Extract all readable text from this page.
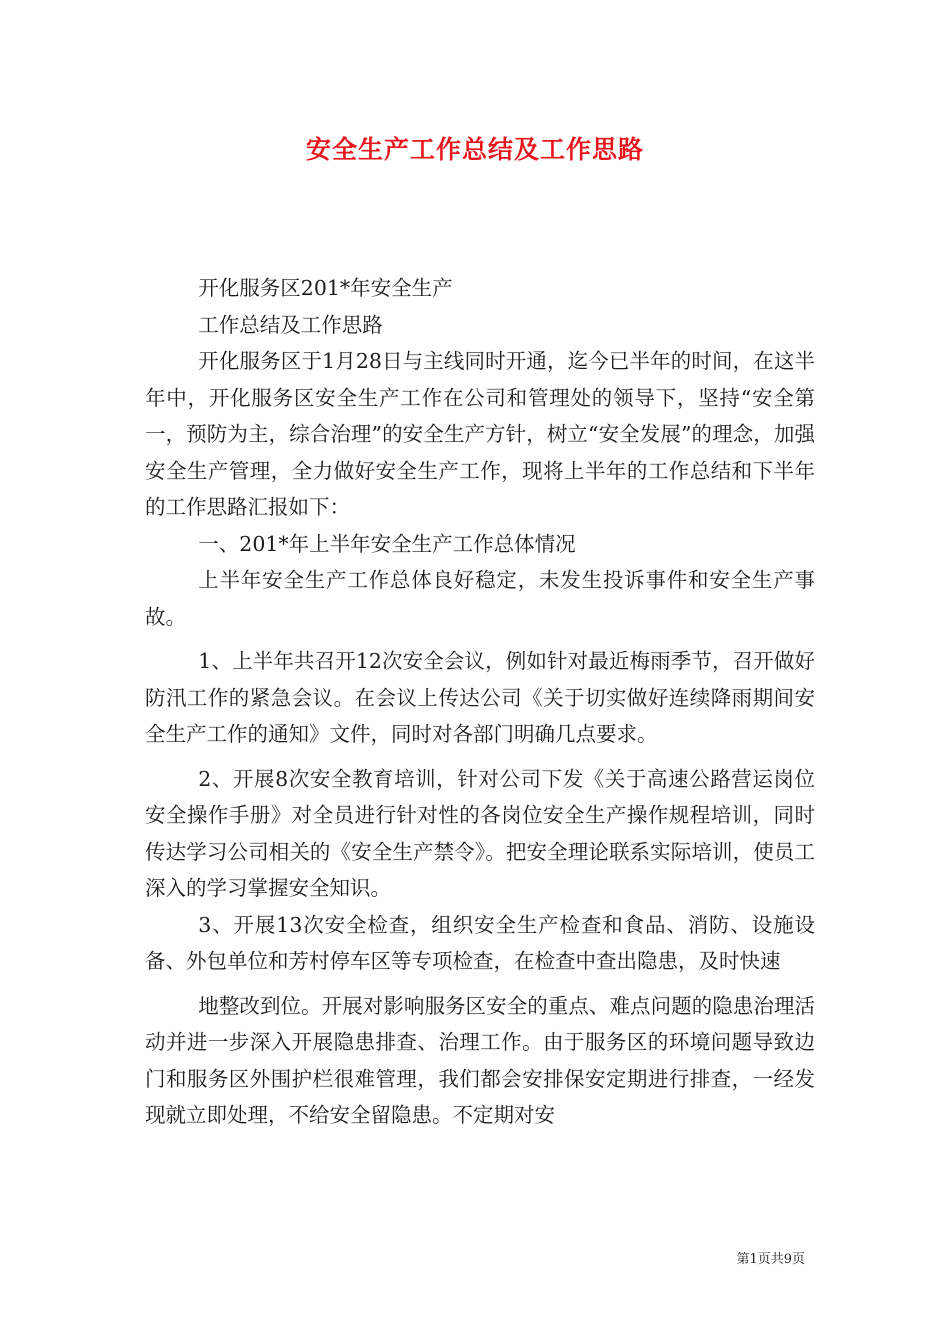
安全生产工作总结及工作思路

开化服务区201*年安全生产

工作总结及工作思路

开化服务区于1月28日与主线同时开通，迄今已半年的时间，在这半年中，开化服务区安全生产工作在公司和管理处的领导下，坚持“安全第一，预防为主，综合治理”的安全生产方针，树立“安全发展”的理念，加强安全生产管理，全力做好安全生产工作，现将上半年的工作总结和下半年的工作思路汇报如下：

一、201*年上半年安全生产工作总体情况

上半年安全生产工作总体良好稳定，未发生投诉事件和安全生产事故。

1、上半年共召开12次安全会议，例如针对最近梅雨季节，召开做好防汛工作的紧急会议。在会议上传达公司《关于切实做好连续降雨期间安全生产工作的通知》文件，同时对各部门明确几点要求。

2、开展8次安全教育培训，针对公司下发《关于高速公路营运岗位安全操作手册》对全员进行针对性的各岗位安全生产操作规程培训，同时传达学习公司相关的《安全生产禁令》。把安全理论联系实际培训，使员工深入的学习掌握安全知识。

3、开展13次安全检查，组织安全生产检查和食品、消防、设施设备、外包单位和芳村停车区等专项检查，在检查中查出隐患，及时快速

地整改到位。开展对影响服务区安全的重点、难点问题的隐患治理活动并进一步深入开展隐患排查、治理工作。由于服务区的环境问题导致边门和服务区外围护栏很难管理，我们都会安排保安定期进行排查，一经发现就立即处理，不给安全留隐患。不定期对安

第1页共9页
